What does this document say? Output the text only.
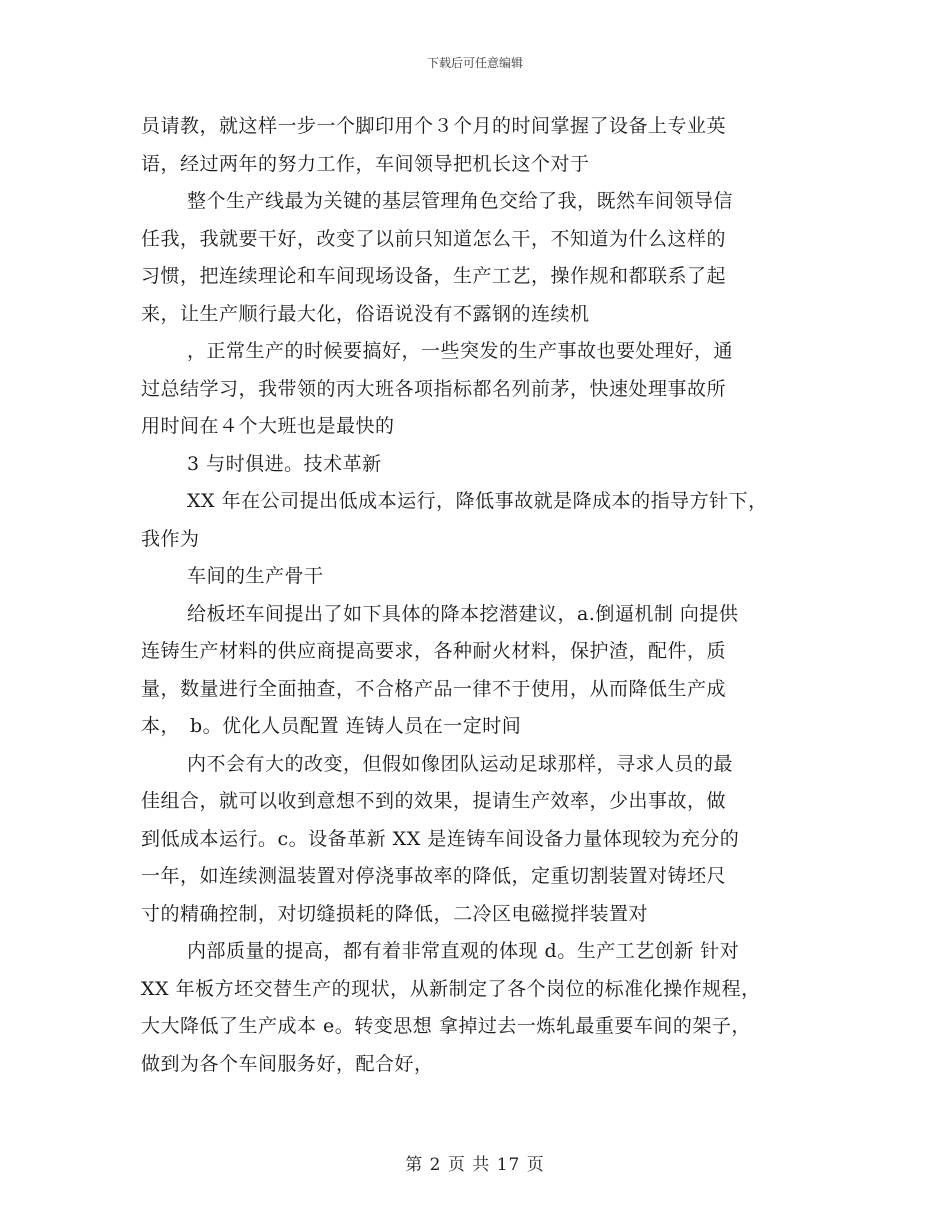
下载后可任意编辑
员请教，就这样一步一个脚印用个３个月的时间掌握了设备上专业英
语，经过两年的努力工作，车间领导把机长这个对于
整个生产线最为关键的基层管理角色交给了我，既然车间领导信
任我，我就要干好，改变了以前只知道怎么干，不知道为什么这样的
习惯，把连续理论和车间现场设备，生产工艺，操作规和都联系了起
来，让生产顺行最大化，俗语说没有不露钢的连续机
，正常生产的时候要搞好，一些突发的生产事故也要处理好，通
过总结学习，我带领的丙大班各项指标都名列前茅，快速处理事故所
用时间在４个大班也是最快的
3 与时俱进。技术革新
XX 年在公司提出低成本运行，降低事故就是降成本的指导方针下，
我作为
车间的生产骨干
给板坯车间提出了如下具体的降本挖潜建议，a.倒逼机制 向提供
连铸生产材料的供应商提高要求，各种耐火材料，保护渣，配件，质
量，数量进行全面抽查，不合格产品一律不于使用，从而降低生产成
本，　b。优化人员配置 连铸人员在一定时间
内不会有大的改变，但假如像团队运动足球那样，寻求人员的最
佳组合，就可以收到意想不到的效果，提请生产效率，少出事故，做
到低成本运行。c。设备革新 XX 是连铸车间设备力量体现较为充分的
一年，如连续测温装置对停浇事故率的降低，定重切割装置对铸坯尺
寸的精确控制，对切缝损耗的降低，二冷区电磁搅拌装置对
内部质量的提高，都有着非常直观的体现 d。生产工艺创新 针对
XX 年板方坯交替生产的现状，从新制定了各个岗位的标准化操作规程，
大大降低了生产成本 e。转变思想 拿掉过去一炼轧最重要车间的架子，
做到为各个车间服务好，配合好，
第 2 页 共 17 页
